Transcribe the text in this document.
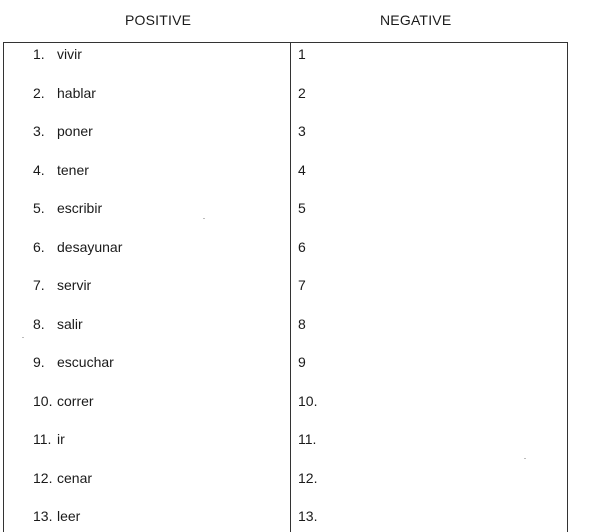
POSITIVE	NEGATIVE
1. vivir	1
2. hablar	2
3. poner	3
4. tener	4
5. escribir	5
6. desayunar	6
7. servir	7
8. salir	8
9. escuchar	9
10. correr	10.
11. ir	11.
12. cenar	12.
13. leer	13.
